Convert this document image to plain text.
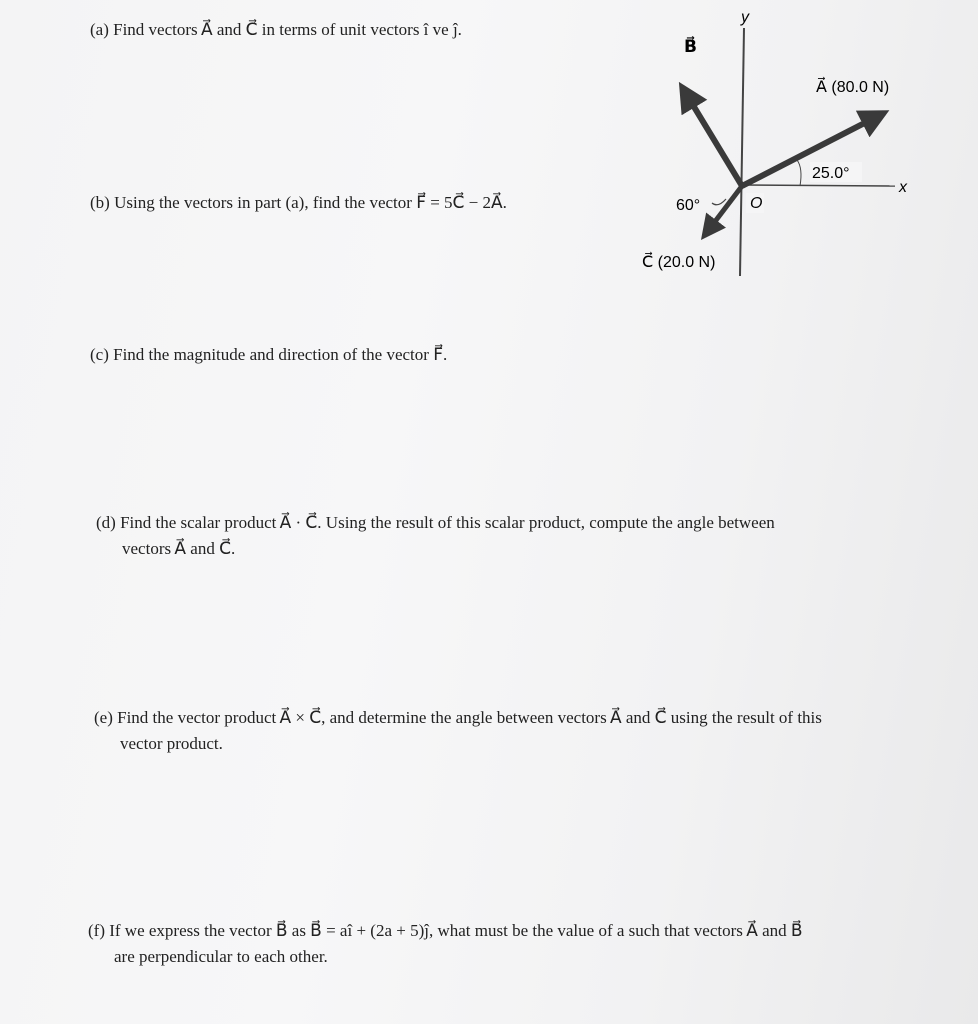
(a) Find vectors A⃗ and C⃗ in terms of unit vectors î ve ĵ.
(b) Using the vectors in part (a), find the vector F⃗ = 5C⃗ − 2A⃗.
(c) Find the magnitude and direction of the vector F⃗.
(d) Find the scalar product A⃗ · C⃗. Using the result of this scalar product, compute the angle between
vectors A⃗ and C⃗.
(e) Find the vector product A⃗ × C⃗, and determine the angle between vectors A⃗ and C⃗ using the result of this
vector product.
(f) If we express the vector B⃗ as B⃗ = aî + (2a + 5)ĵ, what must be the value of a such that vectors A⃗ and B⃗
are perpendicular to each other.
y
x
B⃗
A⃗ (80.0 N)
25.0°
C⃗ (20.0 N)
60°	O
